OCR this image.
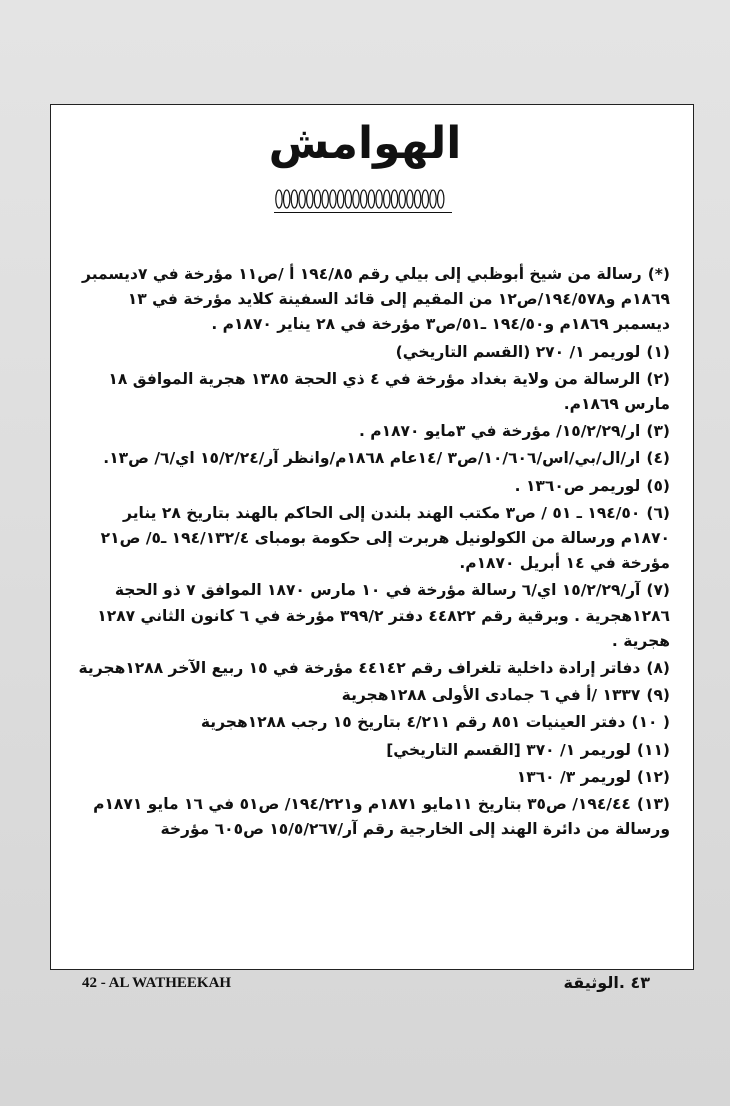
الهوامش

(*)رسالة من شيخ أبوظبي إلى بيلي رقم ١٩٤/٨٥ أ /ص١١ مؤرخة في ٧ديسمبر ١٨٦٩م و١٩٤/٥٧٨/ص١٢ من المقيم إلى قائد السفينة كلايد مؤرخة في ١٣ ديسمبر ١٨٦٩م و١٩٤/٥٠ ـ٥١/ص٣ مؤرخة في ٢٨ يناير ١٨٧٠م .

(١)لوريمر ١/ ٢٧٠ (القسم التاريخي)

(٢)الرسالة من ولاية بغداد مؤرخة في ٤ ذي الحجة ١٣٨٥ هجرية الموافق ١٨ مارس ١٨٦٩م.

(٣)ار/١٥/٢/٢٩/ مؤرخة في ٣مايو ١٨٧٠م .

(٤)ار/ال/بي/اس/١٠/٦٠٦/ص٣ /١٤عام ١٨٦٨م/وانظر آر/١٥/٢/٢٤ اي/٦/ ص١٣.

(٥)لوريمر ص١٣٦٠ .

(٦)١٩٤/٥٠ ـ ٥١ / ص٣ مكتب الهند بلندن إلى الحاكم بالهند بتاريخ ٢٨ يناير ١٨٧٠م ورسالة من الكولونيل هربرت إلى حكومة بومباى ١٩٤/١٣٢/٤ ـ٥/ ص٢١ مؤرخة في ١٤ أبريل ١٨٧٠م.

(٧)آر/١٥/٢/٢٩ اي/٦ رسالة مؤرخة في ١٠ مارس ١٨٧٠ الموافق ٧ ذو الحجة ١٢٨٦هجرية . وبرقية رقم ٤٤٨٢٢ دفتر ٣٩٩/٢ مؤرخة في ٦ كانون الثاني ١٢٨٧ هجرية .

(٨)دفاتر إرادة داخلية تلغراف رقم ٤٤١٤٢ مؤرخة في ١٥ ربيع الآخر ١٢٨٨هجرية

(٩)١٣٣٧ /أ في ٦ جمادى الأولى ١٢٨٨هجرية

( ١٠)دفتر العينيات ٨٥١ رقم ٤/٢١١ بتاريخ ١٥ رجب ١٢٨٨هجرية

(١١)لوريمر ١/ ٣٧٠ [القسم التاريخي]

(١٢)لوريمر ٣/ ١٣٦٠

(١٣)١٩٤/٤٤/ ص٣٥ بتاريخ ١١مايو ١٨٧١م و١٩٤/٢٢١/ ص٥١ في ١٦ مايو ١٨٧١م ورسالة من دائرة الهند إلى الخارجية رقم آر/١٥/٥/٢٦٧ ص٦٠٥ مؤرخة

42 - AL WATHEEKAH	٤٣ .الوثيقة
